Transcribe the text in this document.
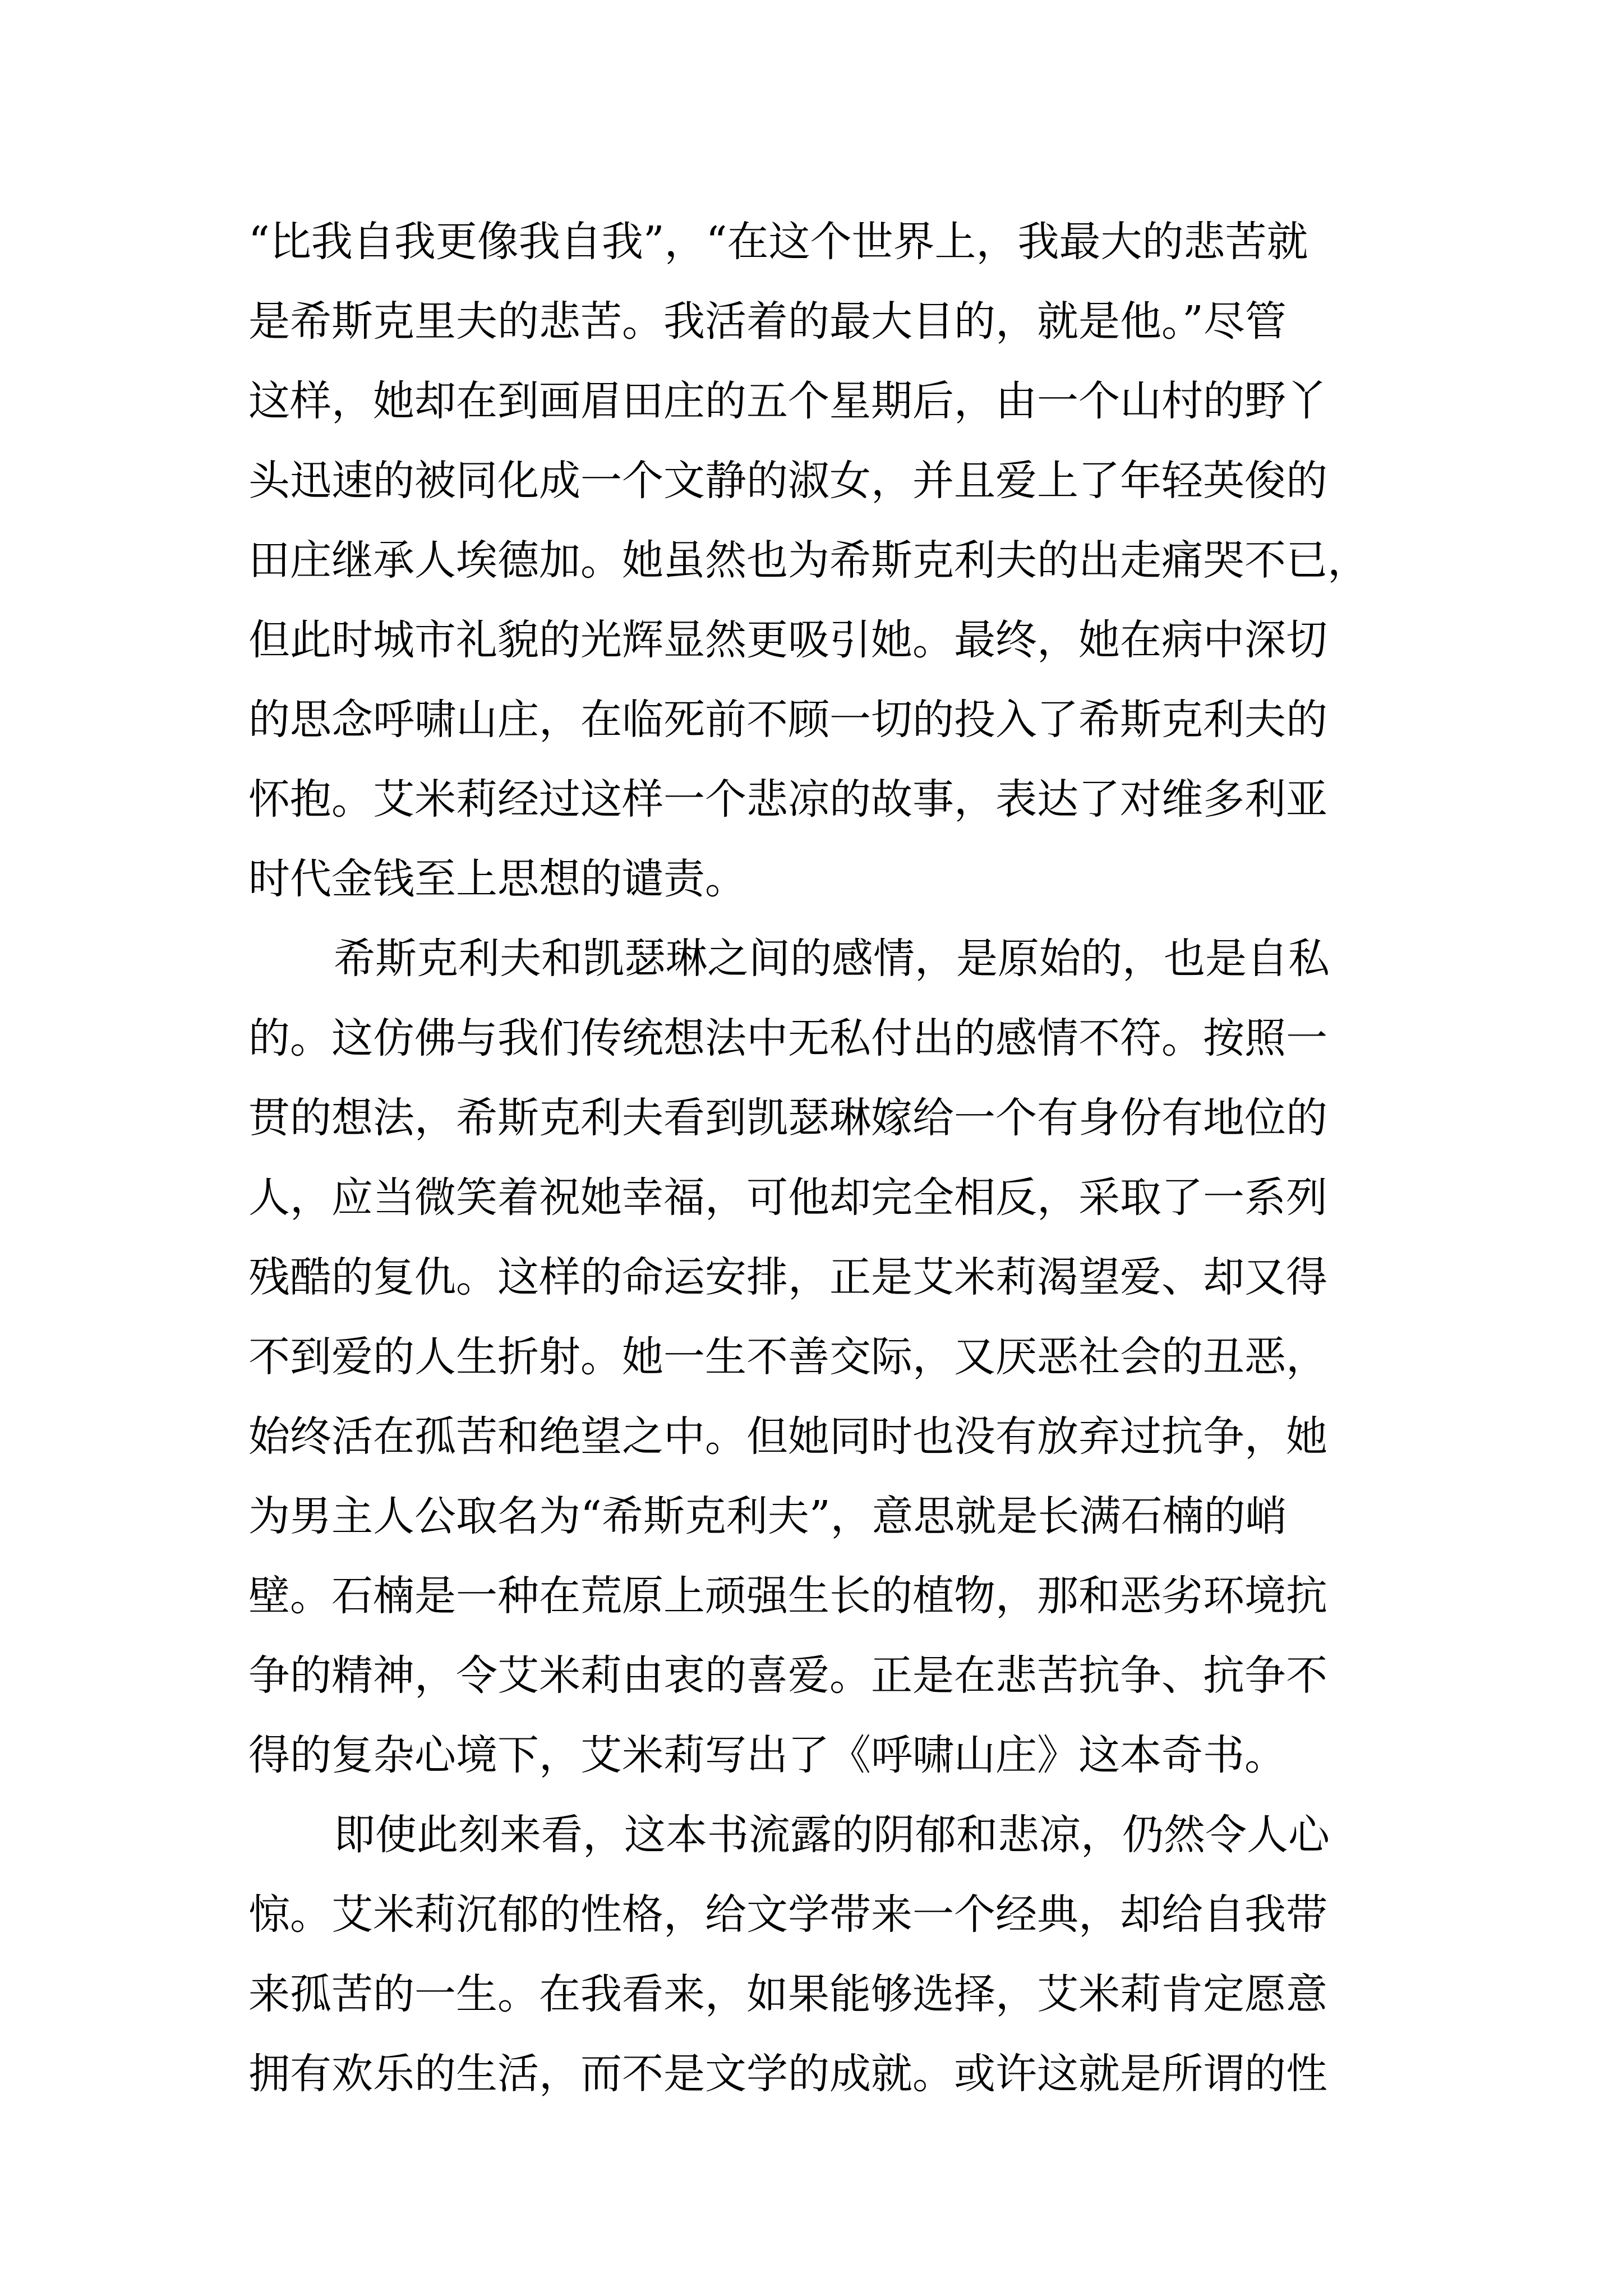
“比我自我更像我自我”，“在这个世界上，我最大的悲苦就
是希斯克里夫的悲苦。我活着的最大目的，就是他。”尽管
这样，她却在到画眉田庄的五个星期后，由一个山村的野丫
头迅速的被同化成一个文静的淑女，并且爱上了年轻英俊的
田庄继承人埃德加。她虽然也为希斯克利夫的出走痛哭不已，
但此时城市礼貌的光辉显然更吸引她。最终，她在病中深切
的思念呼啸山庄，在临死前不顾一切的投入了希斯克利夫的
怀抱。艾米莉经过这样一个悲凉的故事，表达了对维多利亚
时代金钱至上思想的谴责。
希斯克利夫和凯瑟琳之间的感情，是原始的，也是自私
的。这仿佛与我们传统想法中无私付出的感情不符。按照一
贯的想法，希斯克利夫看到凯瑟琳嫁给一个有身份有地位的
人，应当微笑着祝她幸福，可他却完全相反，采取了一系列
残酷的复仇。这样的命运安排，正是艾米莉渴望爱、却又得
不到爱的人生折射。她一生不善交际，又厌恶社会的丑恶，
始终活在孤苦和绝望之中。但她同时也没有放弃过抗争，她
为男主人公取名为“希斯克利夫”，意思就是长满石楠的峭
壁。石楠是一种在荒原上顽强生长的植物，那和恶劣环境抗
争的精神，令艾米莉由衷的喜爱。正是在悲苦抗争、抗争不
得的复杂心境下，艾米莉写出了《呼啸山庄》这本奇书。
即使此刻来看，这本书流露的阴郁和悲凉，仍然令人心
惊。艾米莉沉郁的性格，给文学带来一个经典，却给自我带
来孤苦的一生。在我看来，如果能够选择，艾米莉肯定愿意
拥有欢乐的生活，而不是文学的成就。或许这就是所谓的性
